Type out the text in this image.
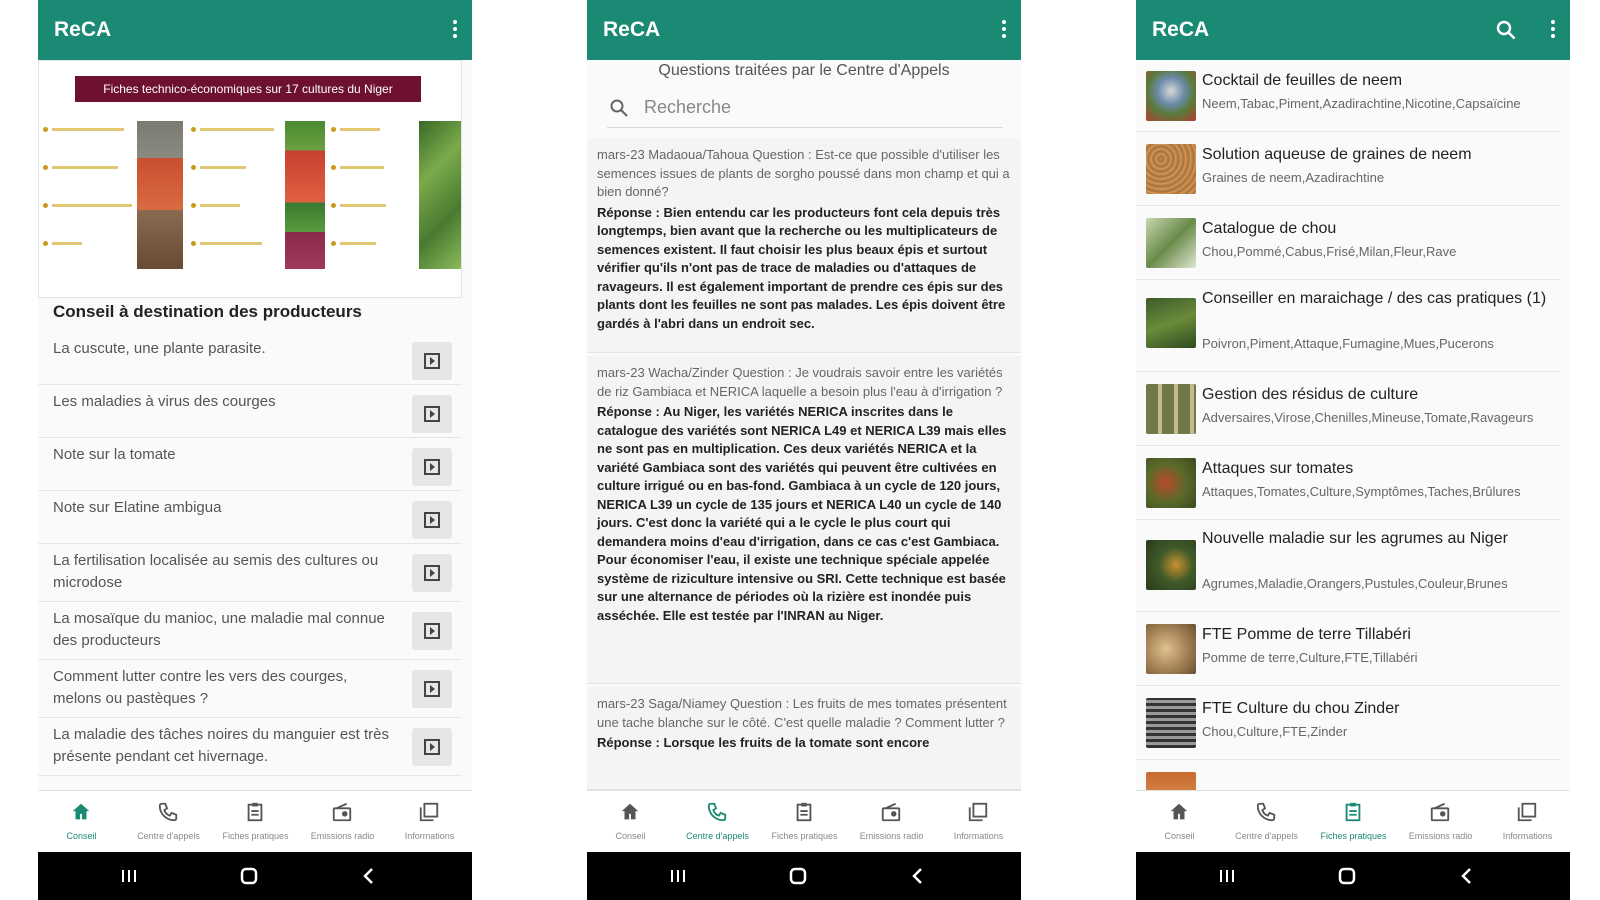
ReCA
Fiches technico-économiques sur 17 cultures du Niger
Conseil à destination des producteurs
La cuscute, une plante parasite.
Les maladies à virus des courges
Note sur la tomate
Note sur Elatine ambigua
La fertilisation localisée au semis des cultures ou microdose
La mosaïque du manioc, une maladie mal connue des producteurs
Comment lutter contre les vers des courges, melons ou pastèques ?
La maladie des tâches noires du manguier est très présente pendant cet hivernage.
Conseil	Centre d'appels	Fiches pratiques	Emissions radio	Informations
ReCA
Questions traitées par le Centre d'Appels
Recherche
mars-23 Madaoua/Tahoua Question : Est-ce que possible d'utiliser les semences issues de plants de sorgho poussé dans mon champ et qui a bien donné?
Réponse : Bien entendu car les producteurs font cela depuis très longtemps, bien avant que la recherche ou les multiplicateurs de semences existent. Il faut choisir les plus beaux épis et surtout vérifier qu'ils n'ont pas de trace de maladies ou d'attaques de ravageurs. Il est également important de prendre ces épis sur des plants dont les feuilles ne sont pas malades. Les épis doivent être gardés à l'abri dans un endroit sec.
mars-23 Wacha/Zinder Question : Je voudrais savoir entre les variétés de riz Gambiaca et NERICA laquelle a besoin plus l'eau à d'irrigation ?
Réponse : Au Niger, les variétés NERICA inscrites dans le catalogue des variétés sont NERICA L49 et NERICA L39 mais elles ne sont pas en multiplication. Ces deux variétés NERICA et la variété Gambiaca sont des variétés qui peuvent être cultivées en culture irrigué ou en bas-fond. Gambiaca à un cycle de 120 jours, NERICA L39 un cycle de 135 jours et NERICA L40 un cycle de 140 jours. C'est donc la variété qui a le cycle le plus court qui demandera moins d'eau d'irrigation, dans ce cas c'est Gambiaca. Pour économiser l'eau, il existe une technique spéciale appelée système de riziculture intensive ou SRI. Cette technique est basée sur une alternance de périodes où la rizière est inondée puis asséchée. Elle est testée par l'INRAN au Niger.
mars-23 Saga/Niamey Question : Les fruits de mes tomates présentent une tache blanche sur le côté. C'est quelle maladie ? Comment lutter ?
Réponse : Lorsque les fruits de la tomate sont encore
Conseil	Centre d'appels	Fiches pratiques	Emissions radio	Informations
ReCA
Cocktail de feuilles de neem
Neem,Tabac,Piment,Azadirachtine,Nicotine,Capsaïcine
Solution aqueuse de graines de neem
Graines de neem,Azadirachtine
Catalogue de chou
Chou,Pommé,Cabus,Frisé,Milan,Fleur,Rave
Conseiller en maraichage / des cas pratiques (1)
Poivron,Piment,Attaque,Fumagine,Mues,Pucerons
Gestion des résidus de culture
Adversaires,Virose,Chenilles,Mineuse,Tomate,Ravageurs
Attaques sur tomates
Attaques,Tomates,Culture,Symptômes,Taches,Brûlures
Nouvelle maladie sur les agrumes au Niger
Agrumes,Maladie,Orangers,Pustules,Couleur,Brunes
FTE Pomme de terre Tillabéri
Pomme de terre,Culture,FTE,Tillabéri
FTE Culture du chou Zinder
Chou,Culture,FTE,Zinder
Conseil	Centre d'appels	Fiches pratiques	Emissions radio	Informations
